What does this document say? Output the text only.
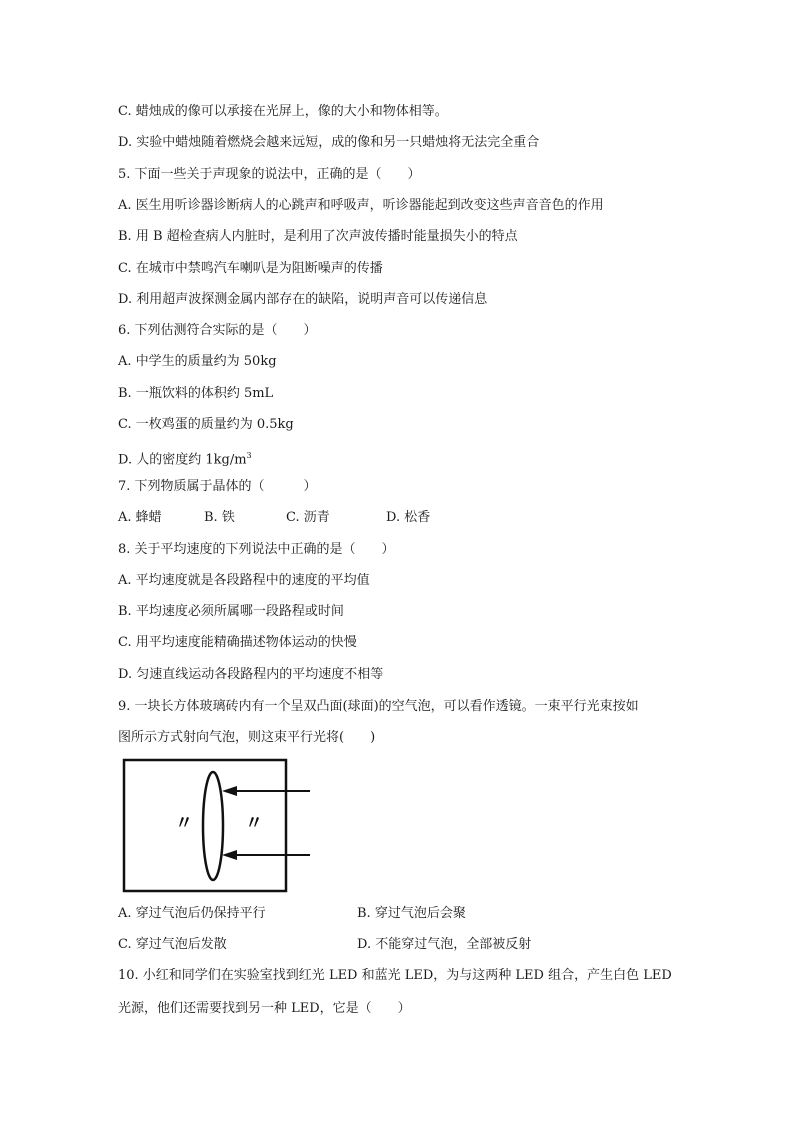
C. 蜡烛成的像可以承接在光屏上，像的大小和物体相等。
D. 实验中蜡烛随着燃烧会越来远短，成的像和另一只蜡烛将无法完全重合
5. 下面一些关于声现象的说法中，正确的是（　　）
A. 医生用听诊器诊断病人的心跳声和呼吸声，听诊器能起到改变这些声音音色的作用
B. 用 B 超检查病人内脏时，是利用了次声波传播时能量损失小的特点
C. 在城市中禁鸣汽车喇叭是为阻断噪声的传播
D. 利用超声波探测金属内部存在的缺陷，说明声音可以传递信息
6. 下列估测符合实际的是（　　）
A. 中学生的质量约为 50kg
B. 一瓶饮料的体积约 5mL
C. 一枚鸡蛋的质量约为 0.5kg
D. 人的密度约 $1kg/m^3$
7. 下列物质属于晶体的（　　　）
A. 蜂蜡	B. 铁	C. 沥青	D. 松香
8. 关于平均速度的下列说法中正确的是（　　）
A. 平均速度就是各段路程中的速度的平均值
B. 平均速度必须所属哪一段路程或时间
C. 用平均速度能精确描述物体运动的快慢
D. 匀速直线运动各段路程内的平均速度不相等
9. 一块长方体玻璃砖内有一个呈双凸面(球面)的空气泡，可以看作透镜。一束平行光束按如
图所示方式射向气泡，则这束平行光将(　　)
〃	〃
A. 穿过气泡后仍保持平行	B. 穿过气泡后会聚
C. 穿过气泡后发散	D. 不能穿过气泡，全部被反射
10. 小红和同学们在实验室找到红光 LED 和蓝光 LED，为与这两种 LED 组合，产生白色 LED
光源，他们还需要找到另一种 LED，它是（　　）
